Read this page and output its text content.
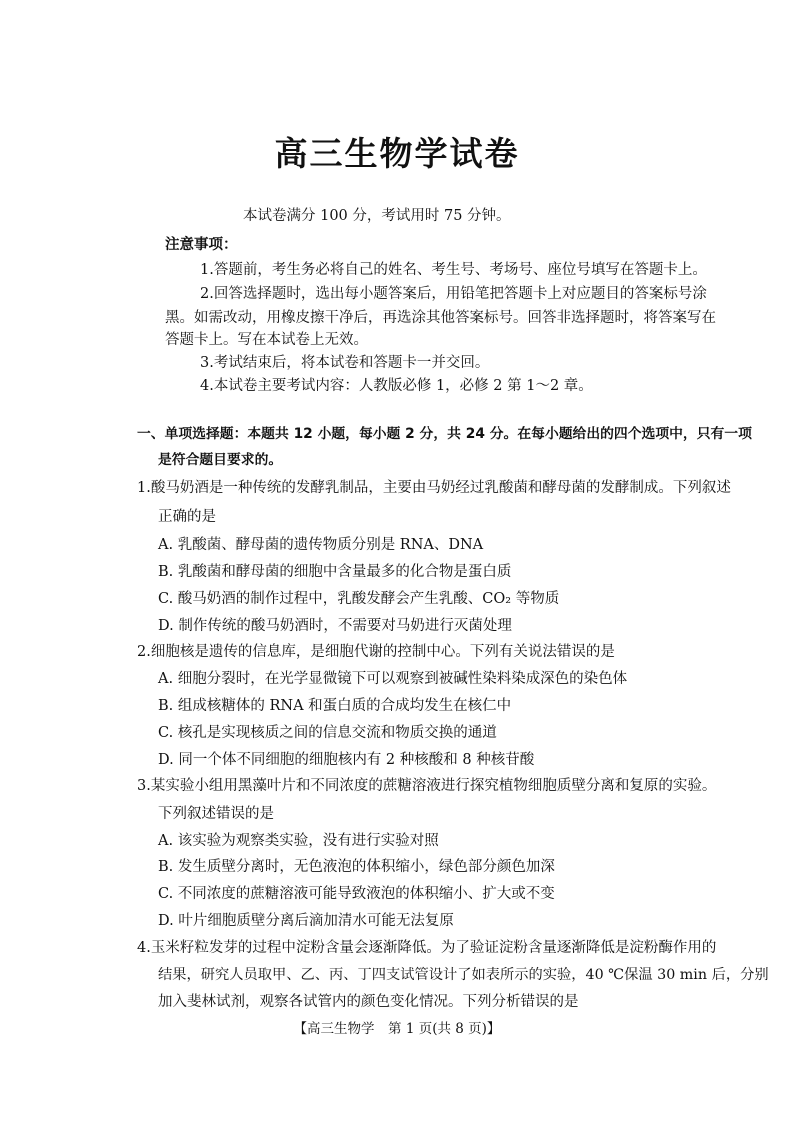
高三生物学试卷
本试卷满分 100 分，考试用时 75 分钟。
注意事项：
1.答题前，考生务必将自己的姓名、考生号、考场号、座位号填写在答题卡上。
2.回答选择题时，选出每小题答案后，用铅笔把答题卡上对应题目的答案标号涂
黑。如需改动，用橡皮擦干净后，再选涂其他答案标号。回答非选择题时，将答案写在
答题卡上。写在本试卷上无效。
3.考试结束后，将本试卷和答题卡一并交回。
4.本试卷主要考试内容：人教版必修 1，必修 2 第 1～2 章。
一、单项选择题：本题共 12 小题，每小题 2 分，共 24 分。在每小题给出的四个选项中，只有一项
是符合题目要求的。
1.酸马奶酒是一种传统的发酵乳制品，主要由马奶经过乳酸菌和酵母菌的发酵制成。下列叙述
正确的是
A. 乳酸菌、酵母菌的遗传物质分别是 RNA、DNA
B. 乳酸菌和酵母菌的细胞中含量最多的化合物是蛋白质
C. 酸马奶酒的制作过程中，乳酸发酵会产生乳酸、CO₂ 等物质
D. 制作传统的酸马奶酒时，不需要对马奶进行灭菌处理
2.细胞核是遗传的信息库，是细胞代谢的控制中心。下列有关说法错误的是
A. 细胞分裂时，在光学显微镜下可以观察到被碱性染料染成深色的染色体
B. 组成核糖体的 RNA 和蛋白质的合成均发生在核仁中
C. 核孔是实现核质之间的信息交流和物质交换的通道
D. 同一个体不同细胞的细胞核内有 2 种核酸和 8 种核苷酸
3.某实验小组用黑藻叶片和不同浓度的蔗糖溶液进行探究植物细胞质壁分离和复原的实验。
下列叙述错误的是
A. 该实验为观察类实验，没有进行实验对照
B. 发生质壁分离时，无色液泡的体积缩小，绿色部分颜色加深
C. 不同浓度的蔗糖溶液可能导致液泡的体积缩小、扩大或不变
D. 叶片细胞质壁分离后滴加清水可能无法复原
4.玉米籽粒发芽的过程中淀粉含量会逐渐降低。为了验证淀粉含量逐渐降低是淀粉酶作用的
结果，研究人员取甲、乙、丙、丁四支试管设计了如表所示的实验，40 ℃保温 30 min 后，分别
加入斐林试剂，观察各试管内的颜色变化情况。下列分析错误的是
【高三生物学　第 1 页(共 8 页)】
